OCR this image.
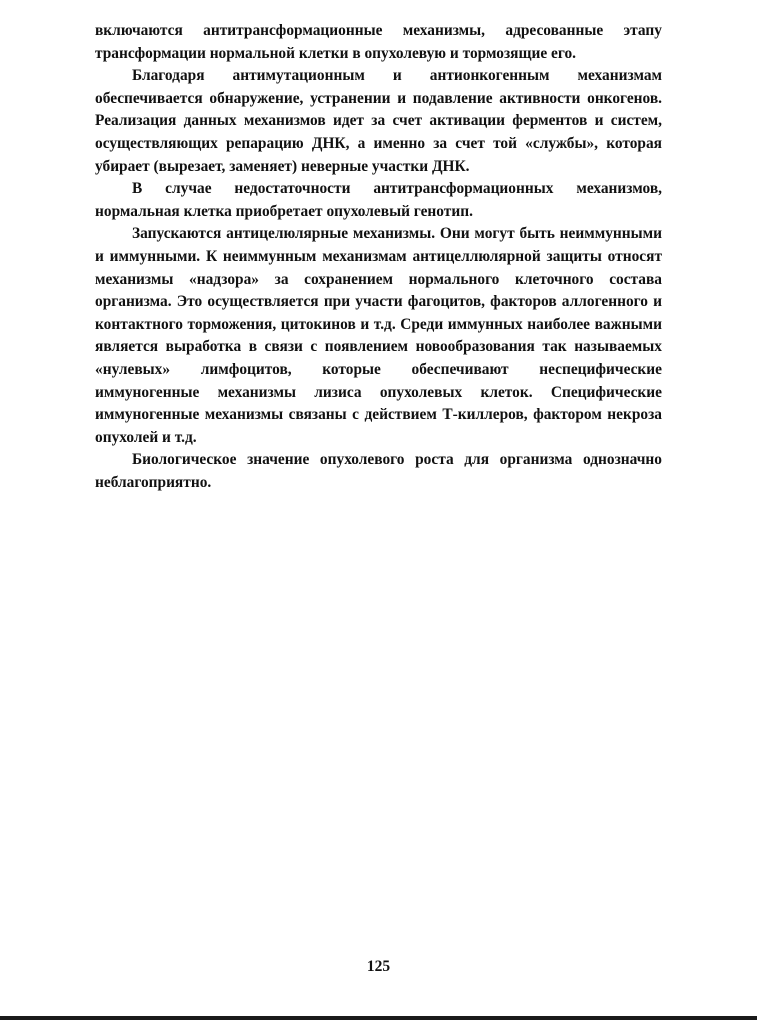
включаются антитрансформационные механизмы, адресованные этапу трансформации нормальной клетки в опухолевую и тормозящие его.

Благодаря антимутационным и антионкогенным механизмам обеспечивается обнаружение, устранении и подавление активности онкогенов. Реализация данных механизмов идет за счет активации ферментов и систем, осуществляющих репарацию ДНК, а именно за счет той «службы», которая убирает (вырезает, заменяет) неверные участки ДНК.

В случае недостаточности антитрансформационных механизмов, нормальная клетка приобретает опухолевый генотип.

Запускаются антицелюлярные механизмы. Они могут быть неиммунными и иммунными. К неиммунным механизмам антицеллюлярной защиты относят механизмы «надзора» за сохранением нормального клеточного состава организма. Это осуществляется при участи фагоцитов, факторов аллогенного и контактного торможения, цитокинов и т.д. Среди иммунных наиболее важными является выработка в связи с появлением новообразования так называемых «нулевых» лимфоцитов, которые обеспечивают неспецифические иммуногенные механизмы лизиса опухолевых клеток. Специфические иммуногенные механизмы связаны с действием Т-киллеров, фактором некроза опухолей и т.д.

Биологическое значение опухолевого роста для организма однозначно неблагоприятно.

125
